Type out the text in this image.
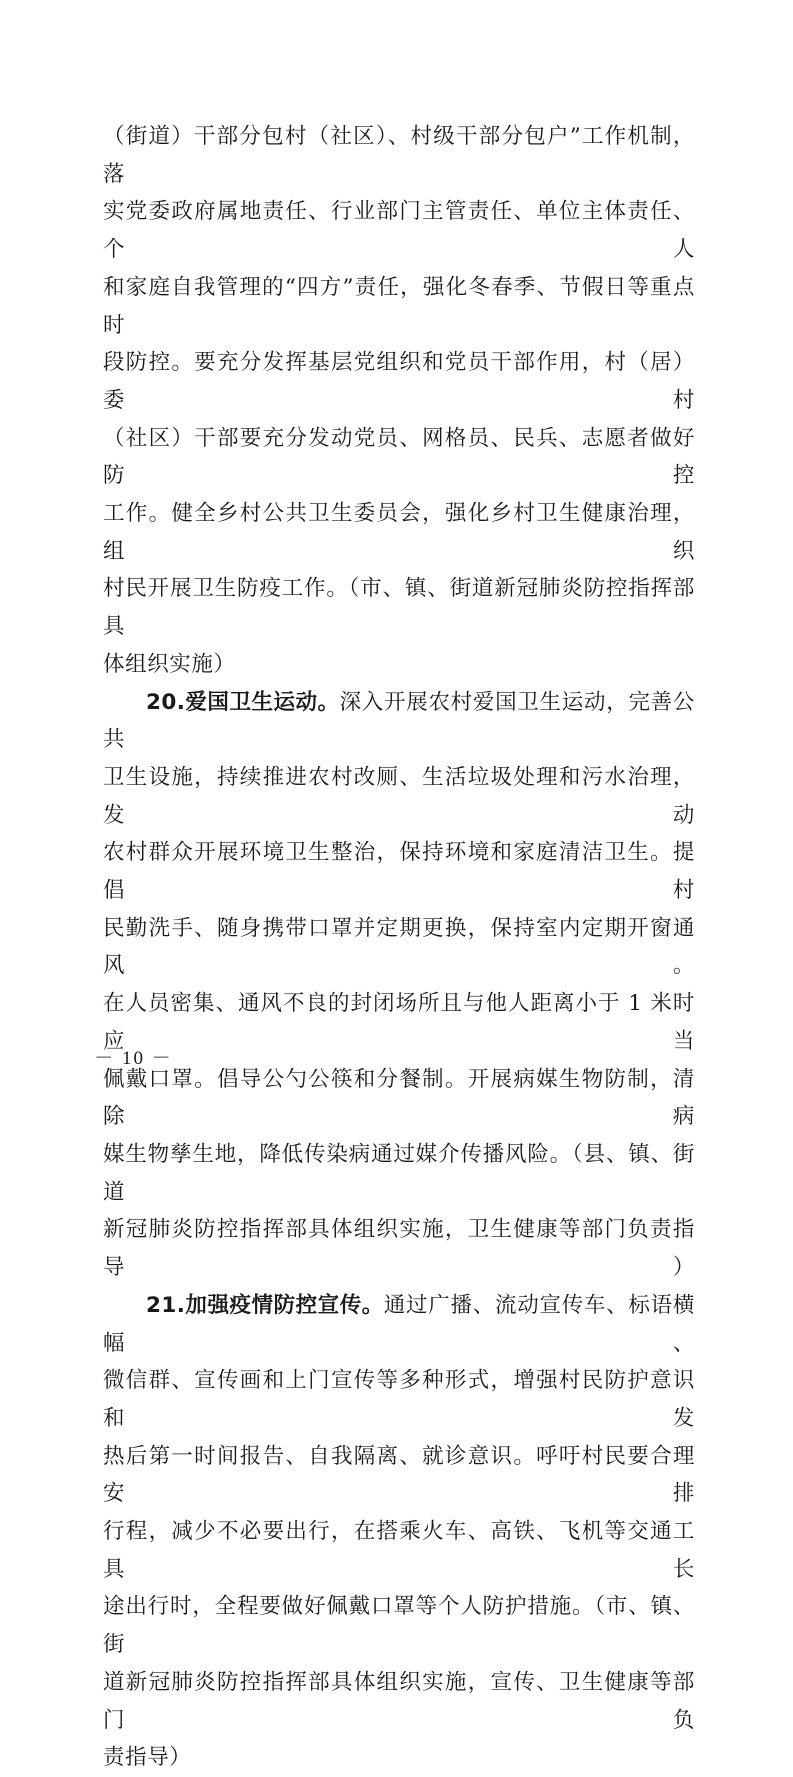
（街道）干部分包村（社区）、村级干部分包户”工作机制，落
实党委政府属地责任、行业部门主管责任、单位主体责任、个人
和家庭自我管理的“四方”责任，强化冬春季、节假日等重点时
段防控。要充分发挥基层党组织和党员干部作用，村（居）委村
（社区）干部要充分发动党员、网格员、民兵、志愿者做好防控
工作。健全乡村公共卫生委员会，强化乡村卫生健康治理，组织
村民开展卫生防疫工作。（市、镇、街道新冠肺炎防控指挥部具
体组织实施）

20.爱国卫生运动。深入开展农村爱国卫生运动，完善公共
卫生设施，持续推进农村改厕、生活垃圾处理和污水治理，发动
农村群众开展环境卫生整治，保持环境和家庭清洁卫生。提倡村
民勤洗手、随身携带口罩并定期更换，保持室内定期开窗通风。
在人员密集、通风不良的封闭场所且与他人距离小于 1 米时应当
佩戴口罩。倡导公勺公筷和分餐制。开展病媒生物防制，清除病
媒生物孳生地，降低传染病通过媒介传播风险。（县、镇、街道
新冠肺炎防控指挥部具体组织实施，卫生健康等部门负责指导）

21.加强疫情防控宣传。通过广播、流动宣传车、标语横幅、
微信群、宣传画和上门宣传等多种形式，增强村民防护意识和发
热后第一时间报告、自我隔离、就诊意识。呼吁村民要合理安排
行程，减少不必要出行，在搭乘火车、高铁、飞机等交通工具长
途出行时，全程要做好佩戴口罩等个人防护措施。（市、镇、街
道新冠肺炎防控指挥部具体组织实施，宣传、卫生健康等部门负
责指导）

－ 10 －
